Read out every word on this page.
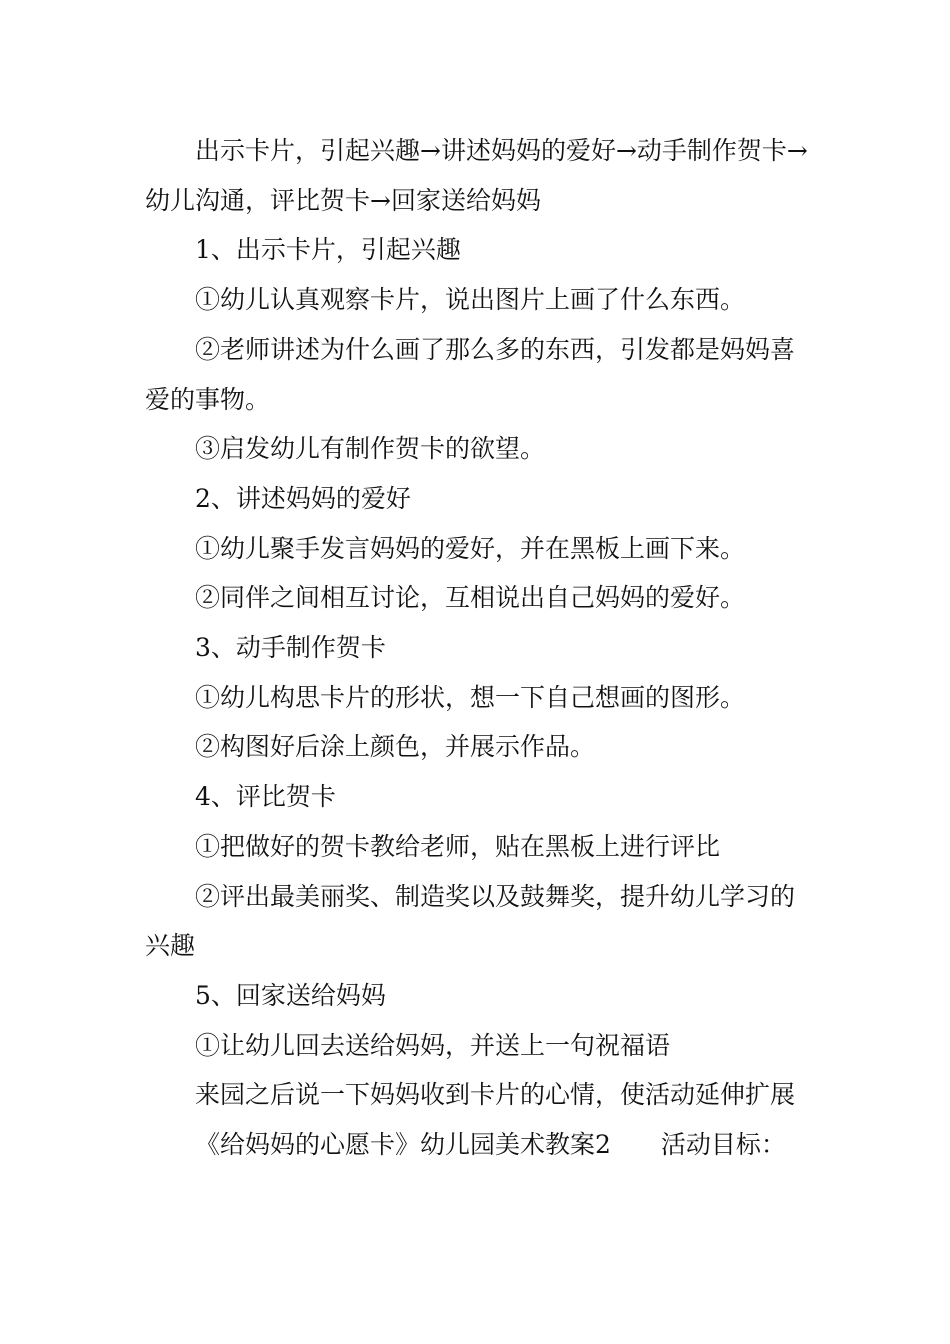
出示卡片，引起兴趣→讲述妈妈的爱好→动手制作贺卡→幼儿沟通，评比贺卡→回家送给妈妈

1、出示卡片，引起兴趣

①幼儿认真观察卡片，说出图片上画了什么东西。

②老师讲述为什么画了那么多的东西，引发都是妈妈喜爱的事物。

③启发幼儿有制作贺卡的欲望。

2、讲述妈妈的爱好

①幼儿聚手发言妈妈的爱好，并在黑板上画下来。

②同伴之间相互讨论，互相说出自己妈妈的爱好。

3、动手制作贺卡

①幼儿构思卡片的形状，想一下自己想画的图形。

②构图好后涂上颜色，并展示作品。

4、评比贺卡

①把做好的贺卡教给老师，贴在黑板上进行评比

②评出最美丽奖、制造奖以及鼓舞奖，提升幼儿学习的兴趣

5、回家送给妈妈

①让幼儿回去送给妈妈，并送上一句祝福语

来园之后说一下妈妈收到卡片的心情，使活动延伸扩展

《给妈妈的心愿卡》幼儿园美术教案2 活动目标：
